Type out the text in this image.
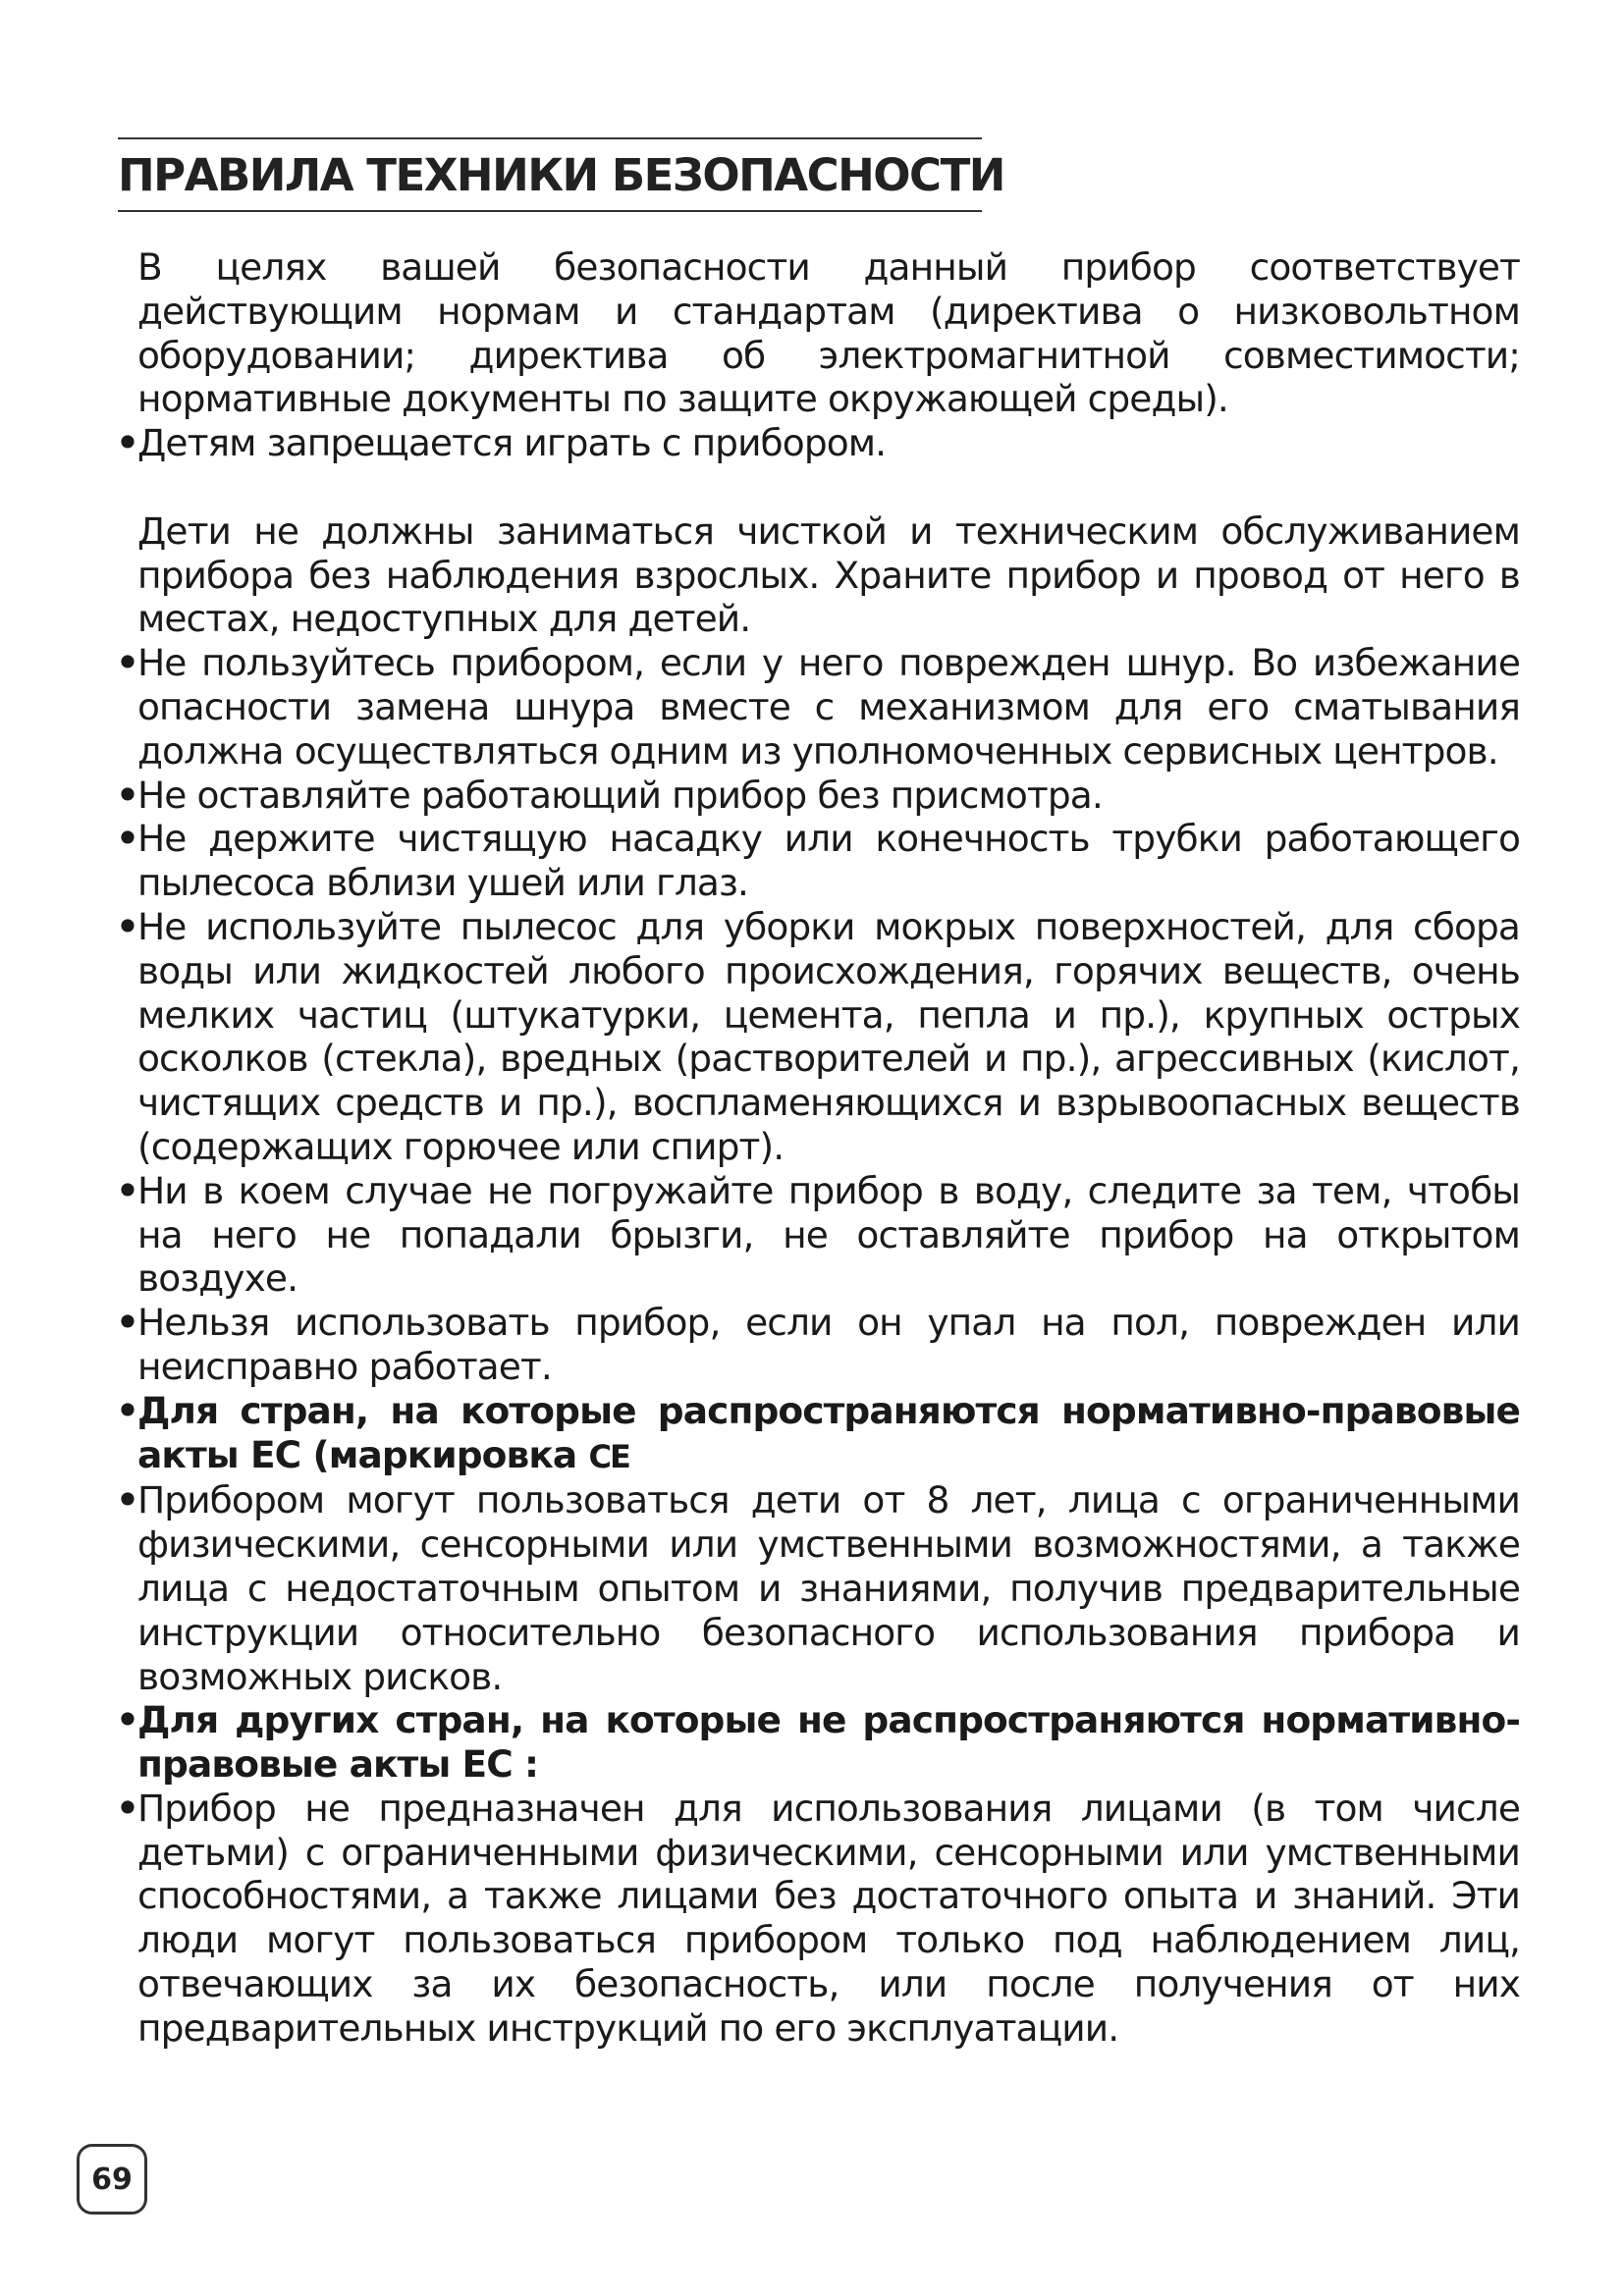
ПРАВИЛА ТЕХНИКИ БЕЗОПАСНОСТИ

В целях вашей безопасности данный прибор соответствует действующим нормам и стандартам (директива о низковольтном оборудовании; директива об электромагнитной совместимости; нормативные документы по защите окружающей среды).

•Детям запрещается играть с прибором.

Дети не должны заниматься чисткой и техническим обслуживанием прибора без наблюдения взрослых. Храните прибор и провод от него в местах, недоступных для детей.

•Не пользуйтесь прибором, если у него поврежден шнур. Во избежание опасности замена шнура вместе с механизмом для его сматывания должна осуществляться одним из уполномоченных сервисных центров.

•Не оставляйте работающий прибор без присмотра.

•Не держите чистящую насадку или конечность трубки работающего пылесоса вблизи ушей или глаз.

•Не используйте пылесос для уборки мокрых поверхностей, для сбора воды или жидкостей любого происхождения, горячих веществ, очень мелких частиц (штукатурки, цемента, пепла и пр.), крупных острых осколков (стекла), вредных (растворителей и пр.), агрессивных (кислот, чистящих средств и пр.), воспламеняющихся и взрывоопасных веществ (содержащих горючее или спирт).

•Ни в коем случае не погружайте прибор в воду, следите за тем, чтобы на него не попадали брызги, не оставляйте прибор на открытом воздухе.

•Нельзя использовать прибор, если он упал на пол, поврежден или неисправно работает.

•Для стран, на которые распространяются нормативно-правовые акты ЕС (маркировка CE

•Прибором могут пользоваться дети от 8 лет, лица с ограниченными физическими, сенсорными или умственными возможностями, а также лица с недостаточным опытом и знаниями, получив предварительные инструкции относительно безопасного использования прибора и возможных рисков.

•Для других стран, на которые не распространяются нормативно-правовые акты ЕС :

•Прибор не предназначен для использования лицами (в том числе детьми) с ограниченными физическими, сенсорными или умственными способностями, а также лицами без достаточного опыта и знаний. Эти люди могут пользоваться прибором только под наблюдением лиц, отвечающих за их безопасность, или после получения от них предварительных инструкций по его эксплуатации.

69
